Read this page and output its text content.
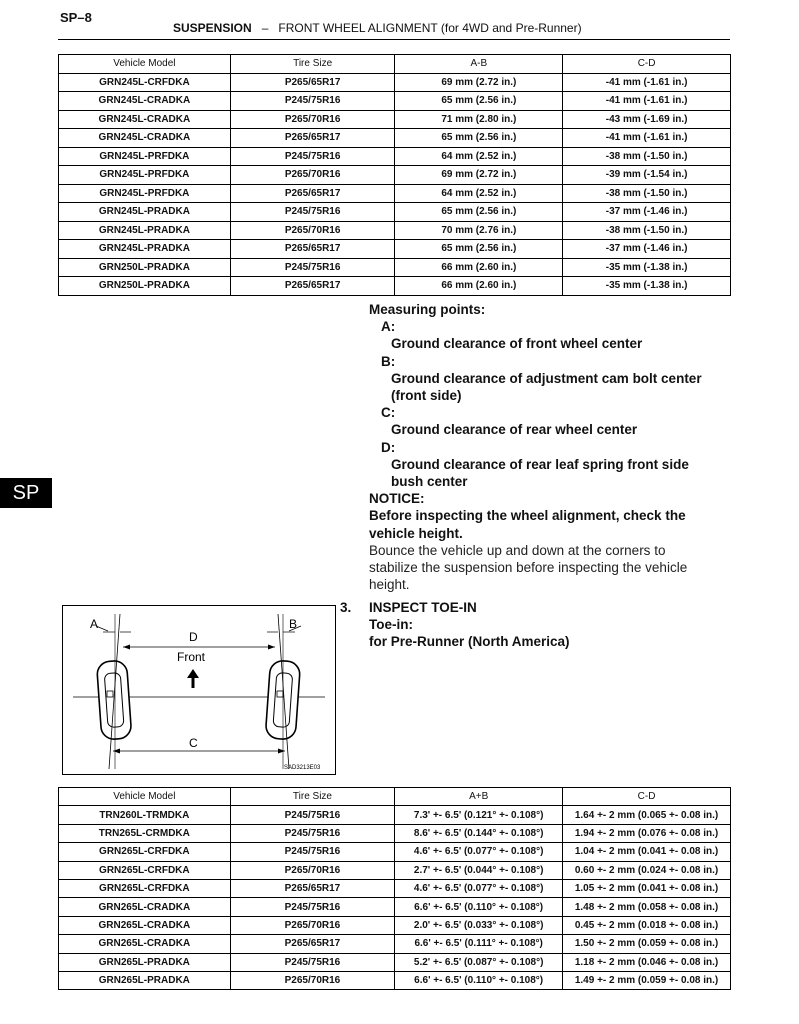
SP–8
SUSPENSION – FRONT WHEEL ALIGNMENT (for 4WD and Pre-Runner)
Vehicle Model	Tire Size	A-B	C-D
GRN245L-CRFDKA	P265/65R17	69 mm (2.72 in.)	-41 mm (-1.61 in.)
GRN245L-CRADKA	P245/75R16	65 mm (2.56 in.)	-41 mm (-1.61 in.)
GRN245L-CRADKA	P265/70R16	71 mm (2.80 in.)	-43 mm (-1.69 in.)
GRN245L-CRADKA	P265/65R17	65 mm (2.56 in.)	-41 mm (-1.61 in.)
GRN245L-PRFDKA	P245/75R16	64 mm (2.52 in.)	-38 mm (-1.50 in.)
GRN245L-PRFDKA	P265/70R16	69 mm (2.72 in.)	-39 mm (-1.54 in.)
GRN245L-PRFDKA	P265/65R17	64 mm (2.52 in.)	-38 mm (-1.50 in.)
GRN245L-PRADKA	P245/75R16	65 mm (2.56 in.)	-37 mm (-1.46 in.)
GRN245L-PRADKA	P265/70R16	70 mm (2.76 in.)	-38 mm (-1.50 in.)
GRN245L-PRADKA	P265/65R17	65 mm (2.56 in.)	-37 mm (-1.46 in.)
GRN250L-PRADKA	P245/75R16	66 mm (2.60 in.)	-35 mm (-1.38 in.)
GRN250L-PRADKA	P265/65R17	66 mm (2.60 in.)	-35 mm (-1.38 in.)
Measuring points:
A:
Ground clearance of front wheel center
B:
Ground clearance of adjustment cam bolt center
(front side)
C:
Ground clearance of rear wheel center
D:
Ground clearance of rear leaf spring front side
bush center
NOTICE:
Before inspecting the wheel alignment, check the
vehicle height.
Bounce the vehicle up and down at the corners to
stabilize the suspension before inspecting the vehicle
height.
SP
3. INSPECT TOE-IN
Toe-in:
for Pre-Runner (North America)
A	B
D
C
Front
SAD3213E03
Vehicle Model	Tire Size	A+B	C-D
TRN260L-TRMDKA	P245/75R16	7.3' +- 6.5' (0.121° +- 0.108°)	1.64 +- 2 mm (0.065 +- 0.08 in.)
TRN265L-CRMDKA	P245/75R16	8.6' +- 6.5' (0.144° +- 0.108°)	1.94 +- 2 mm (0.076 +- 0.08 in.)
GRN265L-CRFDKA	P245/75R16	4.6' +- 6.5' (0.077° +- 0.108°)	1.04 +- 2 mm (0.041 +- 0.08 in.)
GRN265L-CRFDKA	P265/70R16	2.7' +- 6.5' (0.044° +- 0.108°)	0.60 +- 2 mm (0.024 +- 0.08 in.)
GRN265L-CRFDKA	P265/65R17	4.6' +- 6.5' (0.077° +- 0.108°)	1.05 +- 2 mm (0.041 +- 0.08 in.)
GRN265L-CRADKA	P245/75R16	6.6' +- 6.5' (0.110° +- 0.108°)	1.48 +- 2 mm (0.058 +- 0.08 in.)
GRN265L-CRADKA	P265/70R16	2.0' +- 6.5' (0.033° +- 0.108°)	0.45 +- 2 mm (0.018 +- 0.08 in.)
GRN265L-CRADKA	P265/65R17	6.6' +- 6.5' (0.111° +- 0.108°)	1.50 +- 2 mm (0.059 +- 0.08 in.)
GRN265L-PRADKA	P245/75R16	5.2' +- 6.5' (0.087° +- 0.108°)	1.18 +- 2 mm (0.046 +- 0.08 in.)
GRN265L-PRADKA	P265/70R16	6.6' +- 6.5' (0.110° +- 0.108°)	1.49 +- 2 mm (0.059 +- 0.08 in.)
